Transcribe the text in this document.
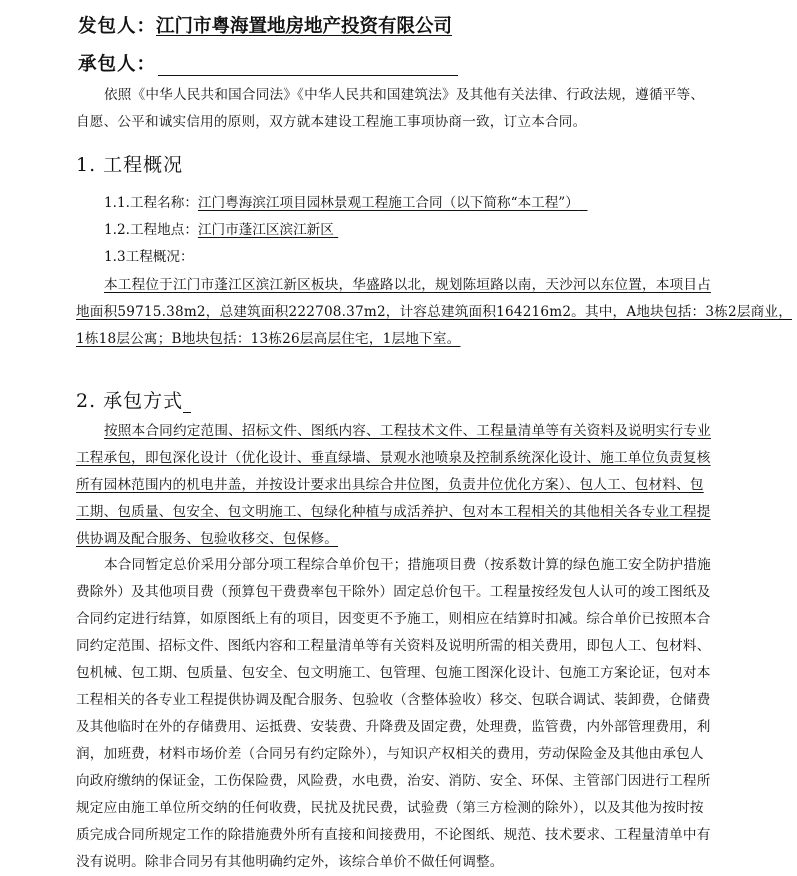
发包人：江门市粤海置地房地产投资有限公司
承包人：
依照《中华人民共和国合同法》《中华人民共和国建筑法》及其他有关法律、行政法规，遵循平等、
自愿、公平和诚实信用的原则，双方就本建设工程施工事项协商一致，订立本合同。
1. 工程概况
1.1.工程名称：江门粤海滨江项目园林景观工程施工合同（以下简称“本工程”）
1.2.工程地点：江门市蓬江区滨江新区
1.3工程概况：
本工程位于江门市蓬江区滨江新区板块，华盛路以北，规划陈垣路以南，天沙河以东位置，本项目占
地面积59715.38m2，总建筑面积222708.37m2，计容总建筑面积164216m2。其中，A地块包括：3栋2层商业，
1栋18层公寓；B地块包括：13栋26层高层住宅，1层地下室。
2. 承包方式
按照本合同约定范围、招标文件、图纸内容、工程技术文件、工程量清单等有关资料及说明实行专业
工程承包，即包深化设计（优化设计、垂直绿墙、景观水池喷泉及控制系统深化设计、施工单位负责复核
所有园林范围内的机电井盖，并按设计要求出具综合井位图，负责井位优化方案）、包人工、包材料、包
工期、包质量、包安全、包文明施工、包绿化种植与成活养护、包对本工程相关的其他相关各专业工程提
供协调及配合服务、包验收移交、包保修。
本合同暂定总价采用分部分项工程综合单价包干；措施项目费（按系数计算的绿色施工安全防护措施
费除外）及其他项目费（预算包干费费率包干除外）固定总价包干。工程量按经发包人认可的竣工图纸及
合同约定进行结算，如原图纸上有的项目，因变更不予施工，则相应在结算时扣减。综合单价已按照本合
同约定范围、招标文件、图纸内容和工程量清单等有关资料及说明所需的相关费用，即包人工、包材料、
包机械、包工期、包质量、包安全、包文明施工、包管理、包施工图深化设计、包施工方案论证，包对本
工程相关的各专业工程提供协调及配合服务、包验收（含整体验收）移交、包联合调试、装卸费，仓储费
及其他临时在外的存储费用、运抵费、安装费、升降费及固定费，处理费，监管费，内外部管理费用，利
润，加班费，材料市场价差（合同另有约定除外），与知识产权相关的费用，劳动保险金及其他由承包人
向政府缴纳的保证金，工伤保险费，风险费，水电费，治安、消防、安全、环保、主管部门因进行工程所
规定应由施工单位所交纳的任何收费，民扰及扰民费，试验费（第三方检测的除外），以及其他为按时按
质完成合同所规定工作的除措施费外所有直接和间接费用，不论图纸、规范、技术要求、工程量清单中有
没有说明。除非合同另有其他明确约定外，该综合单价不做任何调整。
